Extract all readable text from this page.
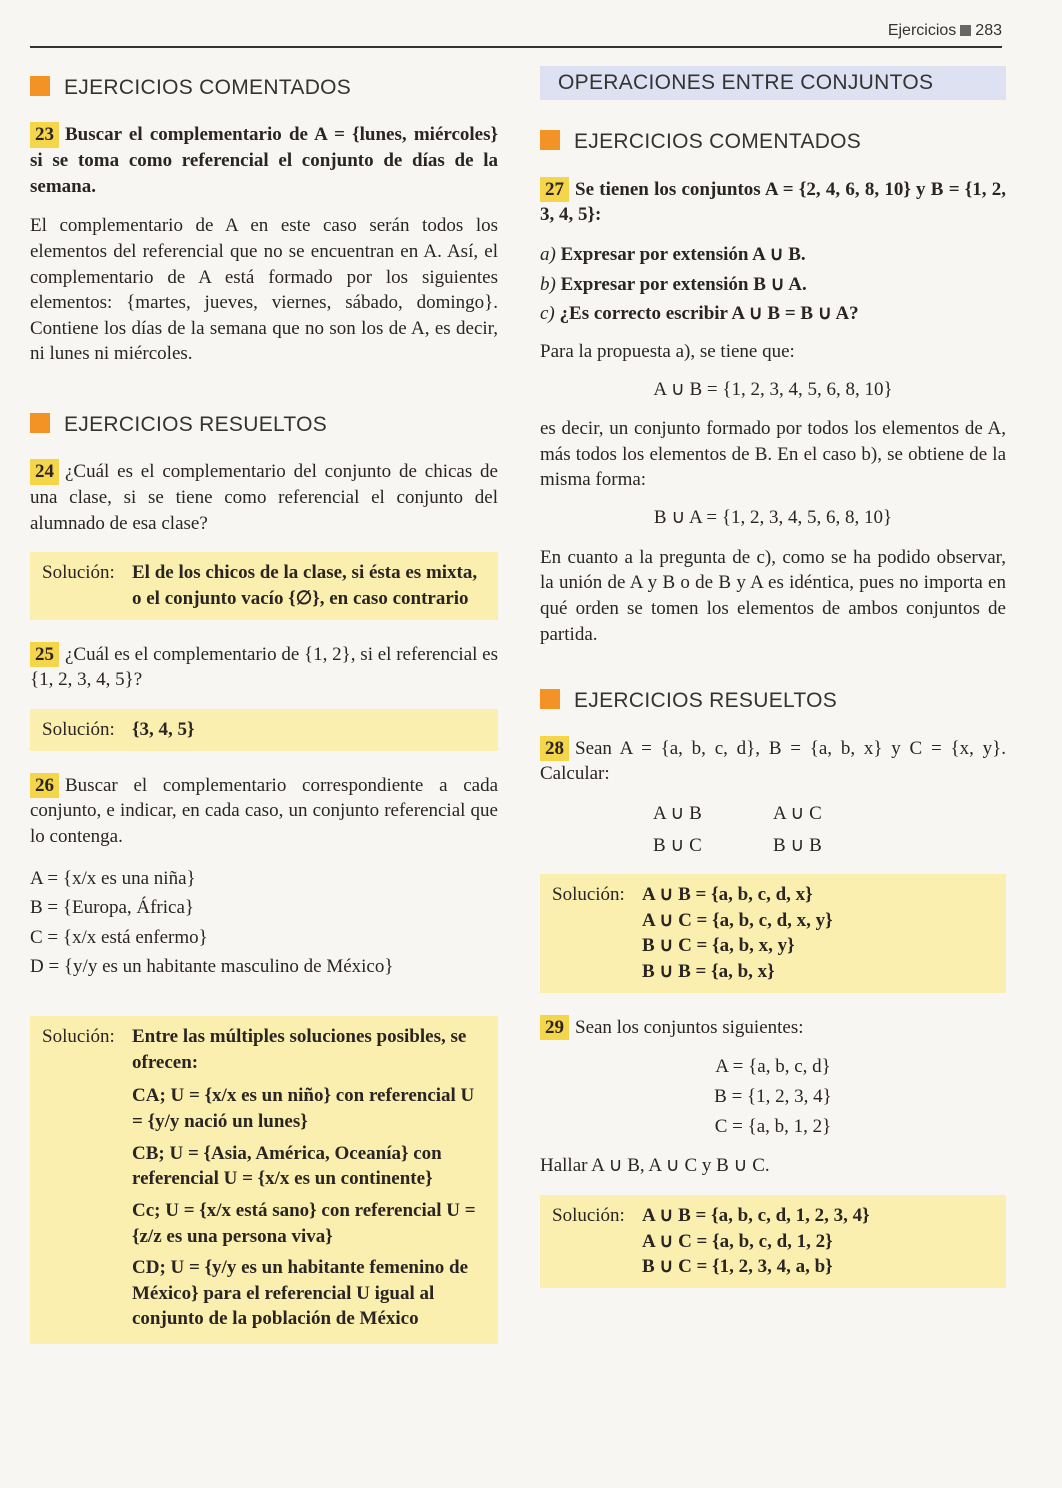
Ejercicios 283
EJERCICIOS COMENTADOS
23 Buscar el complementario de A = {lunes, miércoles} si se toma como referencial el conjunto de días de la semana.

El complementario de A en este caso serán todos los elementos del referencial que no se encuentran en A. Así, el complementario de A está formado por los siguientes elementos: {martes, jueves, viernes, sábado, domingo}. Contiene los días de la semana que no son los de A, es decir, ni lunes ni miércoles.

EJERCICIOS RESUELTOS
24 ¿Cuál es el complementario del conjunto de chicas de una clase, si se tiene como referencial el conjunto del alumnado de esa clase?
Solución: El de los chicos de la clase, si ésta es mixta, o el conjunto vacío {∅}, en caso contrario
25 ¿Cuál es el complementario de {1, 2}, si el referencial es {1, 2, 3, 4, 5}?
Solución: {3, 4, 5}
26 Buscar el complementario correspondiente a cada conjunto, e indicar, en cada caso, un conjunto referencial que lo contenga.
A = {x/x es una niña}
B = {Europa, África}
C = {x/x está enfermo}
D = {y/y es un habitante masculino de México}
Solución: Entre las múltiples soluciones posibles, se ofrecen:
CA; U = {x/x es un niño} con referencial U = {y/y nació un lunes}
CB; U = {Asia, América, Oceanía} con referencial U = {x/x es un continente}
Cc; U = {x/x está sano} con referencial U = {z/z es una persona viva}
CD; U = {y/y es un habitante femenino de México} para el referencial U igual al conjunto de la población de México
OPERACIONES ENTRE CONJUNTOS
EJERCICIOS COMENTADOS
27 Se tienen los conjuntos A = {2, 4, 6, 8, 10} y B = {1, 2, 3, 4, 5}:
a) Expresar por extensión A ∪ B.
b) Expresar por extensión B ∪ A.
c) ¿Es correcto escribir A ∪ B = B ∪ A?

Para la propuesta a), se tiene que:

A ∪ B = {1, 2, 3, 4, 5, 6, 8, 10}

es decir, un conjunto formado por todos los elementos de A, más todos los elementos de B. En el caso b), se obtiene de la misma forma:

B ∪ A = {1, 2, 3, 4, 5, 6, 8, 10}

En cuanto a la pregunta de c), como se ha podido observar, la unión de A y B o de B y A es idéntica, pues no importa en qué orden se tomen los elementos de ambos conjuntos de partida.

EJERCICIOS RESUELTOS
28 Sean A = {a, b, c, d}, B = {a, b, x} y C = {x, y}. Calcular:
A ∪ B	A ∪ C
B ∪ C	B ∪ B
Solución: A ∪ B = {a, b, c, d, x}
A ∪ C = {a, b, c, d, x, y}
B ∪ C = {a, b, x, y}
B ∪ B = {a, b, x}
29 Sean los conjuntos siguientes:
A = {a, b, c, d}
B = {1, 2, 3, 4}
C = {a, b, 1, 2}

Hallar A ∪ B, A ∪ C y B ∪ C.

Solución: A ∪ B = {a, b, c, d, 1, 2, 3, 4}
A ∪ C = {a, b, c, d, 1, 2}
B ∪ C = {1, 2, 3, 4, a, b}
